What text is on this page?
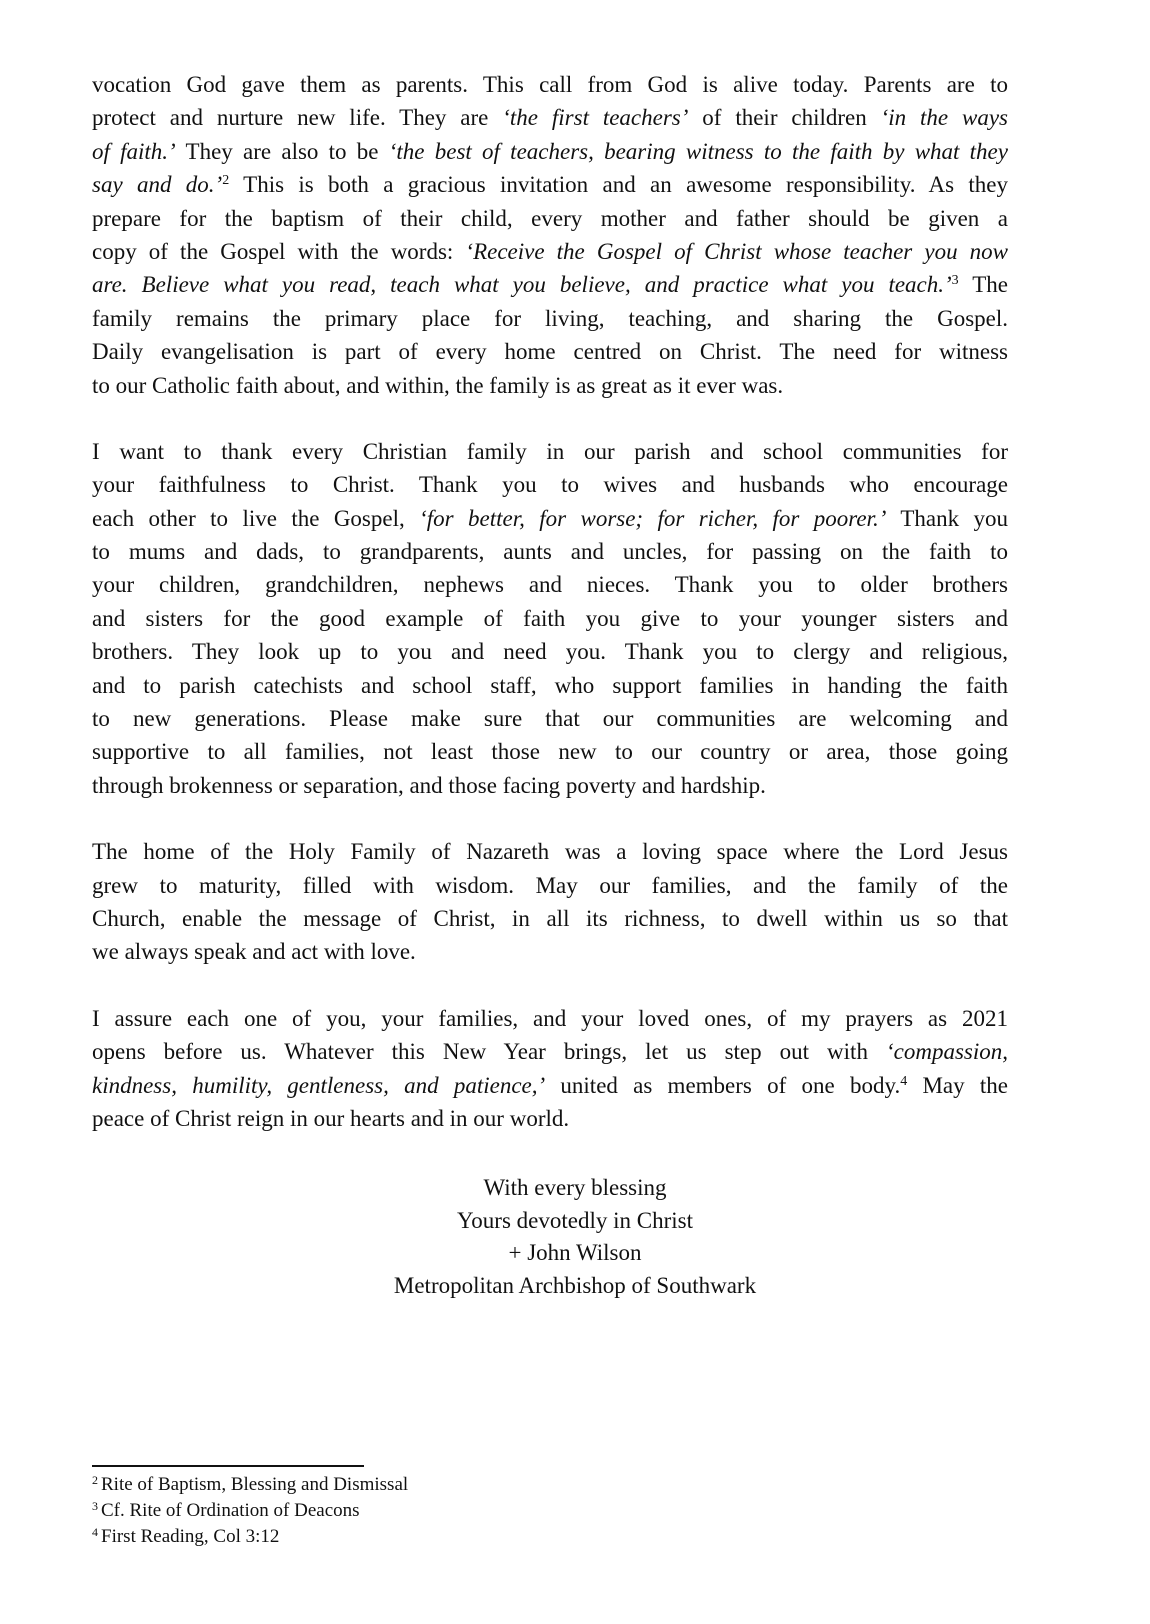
vocation God gave them as parents. This call from God is alive today. Parents are to
protect and nurture new life. They are ‘the first teachers’ of their children ‘in the ways
of faith.’ They are also to be ‘the best of teachers, bearing witness to the faith by what they
say and do.’$^2$ This is both a gracious invitation and an awesome responsibility. As they
prepare for the baptism of their child, every mother and father should be given a
copy of the Gospel with the words: ‘Receive the Gospel of Christ whose teacher you now
are. Believe what you read, teach what you believe, and practice what you teach.’$^3$ The
family remains the primary place for living, teaching, and sharing the Gospel.
Daily evangelisation is part of every home centred on Christ. The need for witness
to our Catholic faith about, and within, the family is as great as it ever was.
I want to thank every Christian family in our parish and school communities for
your faithfulness to Christ. Thank you to wives and husbands who encourage
each other to live the Gospel, ‘for better, for worse; for richer, for poorer.’ Thank you
to mums and dads, to grandparents, aunts and uncles, for passing on the faith to
your children, grandchildren, nephews and nieces. Thank you to older brothers
and sisters for the good example of faith you give to your younger sisters and
brothers. They look up to you and need you. Thank you to clergy and religious,
and to parish catechists and school staff, who support families in handing the faith
to new generations. Please make sure that our communities are welcoming and
supportive to all families, not least those new to our country or area, those going
through brokenness or separation, and those facing poverty and hardship.
The home of the Holy Family of Nazareth was a loving space where the Lord Jesus
grew to maturity, filled with wisdom. May our families, and the family of the
Church, enable the message of Christ, in all its richness, to dwell within us so that
we always speak and act with love.
I assure each one of you, your families, and your loved ones, of my prayers as 2021
opens before us. Whatever this New Year brings, let us step out with ‘compassion,
kindness, humility, gentleness, and patience,’ united as members of one body.$^4$ May the
peace of Christ reign in our hearts and in our world.
With every blessing
Yours devotedly in Christ
+ John Wilson
Metropolitan Archbishop of Southwark
$^2$ Rite of Baptism, Blessing and Dismissal
$^3$ Cf. Rite of Ordination of Deacons
$^4$ First Reading, Col 3:12
